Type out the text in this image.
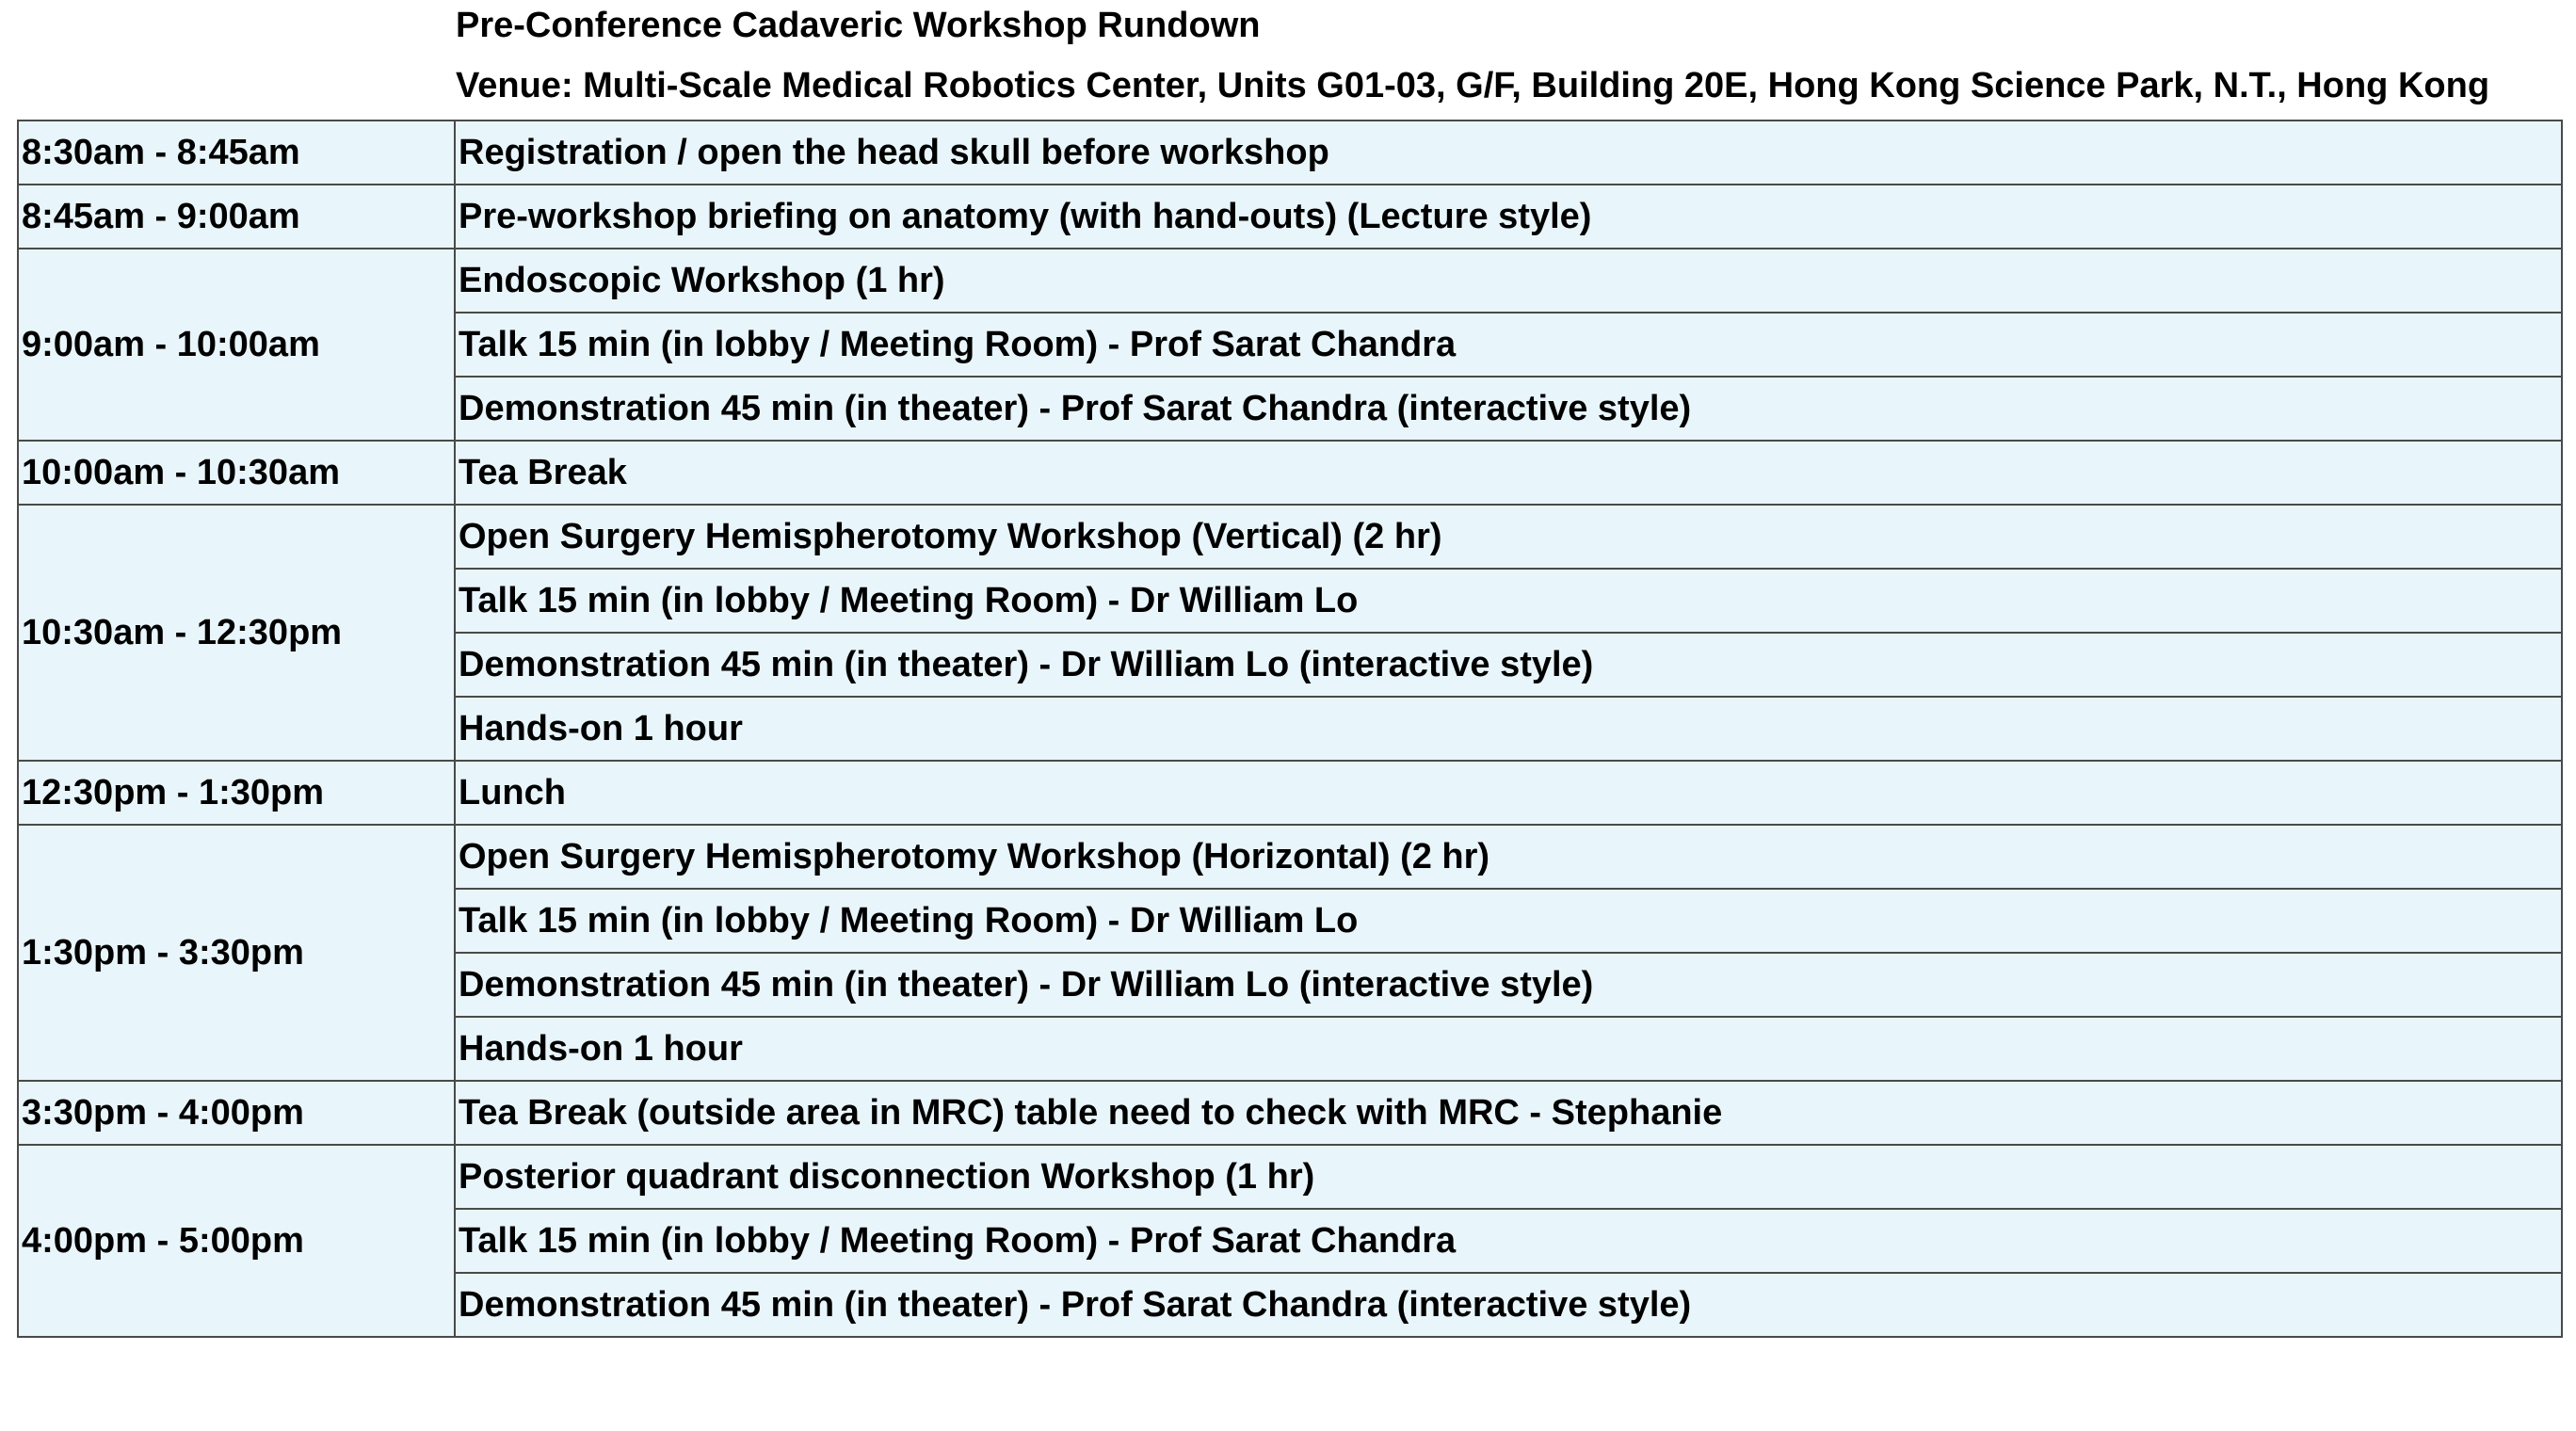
Pre-Conference Cadaveric Workshop Rundown
Venue: Multi-Scale Medical Robotics Center, Units G01-03, G/F, Building 20E, Hong Kong Science Park, N.T., Hong Kong
8:30am - 8:45am	Registration / open the head skull before workshop
8:45am - 9:00am	Pre-workshop briefing on anatomy (with hand-outs) (Lecture style)
9:00am - 10:00am	Endoscopic Workshop (1 hr)
	Talk 15 min (in lobby / Meeting Room) - Prof Sarat Chandra
	Demonstration 45 min (in theater) - Prof Sarat Chandra (interactive style)
10:00am - 10:30am	Tea Break
10:30am - 12:30pm	Open Surgery Hemispherotomy Workshop (Vertical) (2 hr)
	Talk 15 min (in lobby / Meeting Room) - Dr William Lo
	Demonstration 45 min (in theater) - Dr William Lo (interactive style)
	Hands-on 1 hour
12:30pm - 1:30pm	Lunch
1:30pm - 3:30pm	Open Surgery Hemispherotomy Workshop (Horizontal) (2 hr)
	Talk 15 min (in lobby / Meeting Room) - Dr William Lo
	Demonstration 45 min (in theater) - Dr William Lo (interactive style)
	Hands-on 1 hour
3:30pm - 4:00pm	Tea Break (outside area in MRC) table need to check with MRC - Stephanie
4:00pm - 5:00pm	Posterior quadrant disconnection Workshop (1 hr)
	Talk 15 min (in lobby / Meeting Room) - Prof Sarat Chandra
	Demonstration 45 min (in theater) - Prof Sarat Chandra (interactive style)
